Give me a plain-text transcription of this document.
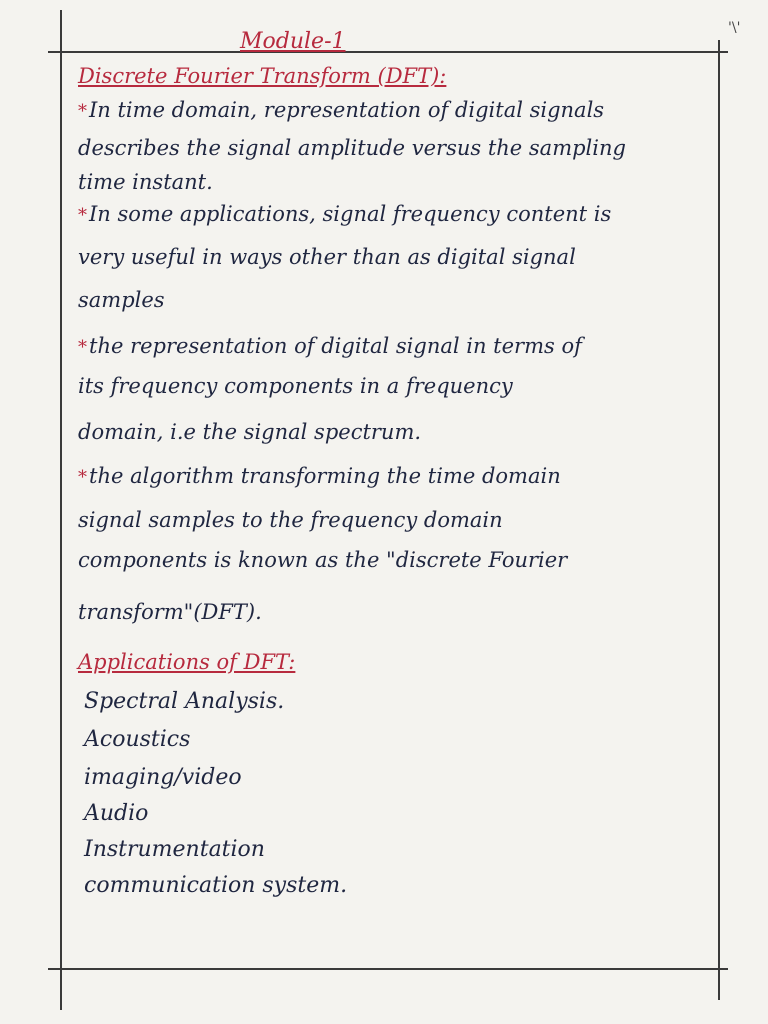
'\'
Module-1
Discrete Fourier Transform (DFT):
*In time domain, representation of digital signals
describes the signal amplitude versus the sampling
time instant.
*In some applications, signal frequency content is
very useful in ways other than as digital signal
samples
*the representation of digital signal in terms of
its frequency components in a frequency
domain, i.e the signal spectrum.
*the algorithm transforming the time domain
signal samples to the frequency domain
components is known as the "discrete Fourier
transform"(DFT).
Applications of DFT:
Spectral Analysis.
Acoustics
imaging/video
Audio
Instrumentation
communication system.
